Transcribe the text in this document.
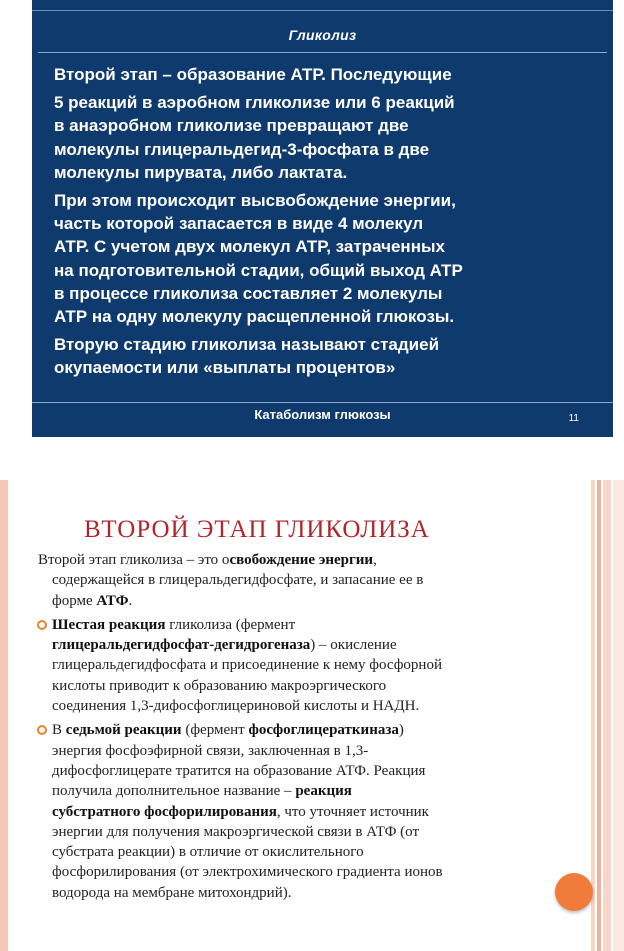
Гликолиз

Второй этап – образование АТР. Последующие

5 реакций в аэробном гликолизе или 6 реакций
в анаэробном гликолизе превращают две
молекулы глицеральдегид-3-фосфата в две
молекулы пирувата, либо лактата.

При этом происходит высвобождение энергии,
часть которой запасается в виде 4 молекул
АТР. С учетом двух молекул АТР, затраченных
на подготовительной стадии, общий выход АТР
в процессе гликолиза составляет 2 молекулы
АТР на одну молекулу расщепленной глюкозы.

Вторую стадию гликолиза называют стадией
окупаемости или «выплаты процентов»

Катаболизм глюкозы	11
ВТОРОЙ ЭТАП ГЛИКОЛИЗА
Второй этап гликолиза – это освобождение энергии,
содержащейся в глицеральдегидфосфате, и запасание ее в
форме АТФ.
Шестая реакция гликолиза (фермент
глицеральдегидфосфат-дегидрогеназа) – окисление
глицеральдегидфосфата и присоединение к нему фосфорной
кислоты приводит к образованию макроэргического
соединения 1,3-дифосфоглицериновой кислоты и НАДН.
В седьмой реакции (фермент фосфоглицераткиназа)
энергия фосфоэфирной связи, заключенная в 1,3-
дифосфоглицерате тратится на образование АТФ. Реакция
получила дополнительное название – реакция
субстратного фосфорилирования, что уточняет источник
энергии для получения макроэргической связи в АТФ (от
субстрата реакции) в отличие от окислительного
фосфорилирования (от электрохимического градиента ионов
водорода на мембране митохондрий).
